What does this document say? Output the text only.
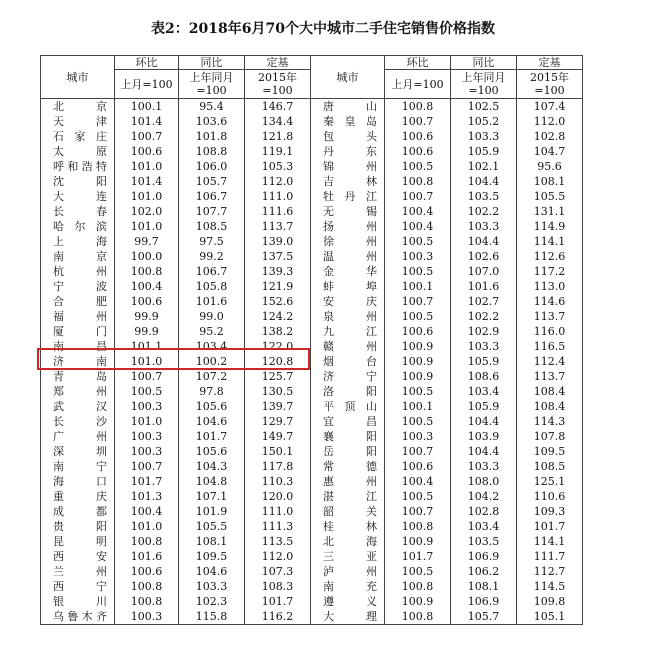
表2：2018年6月70个大中城市二手住宅销售价格指数
城市	环比	同比	定基	城市	环比	同比	定基
	上月=100	上年同月=100	2015年=100		上月=100	上年同月=100	2015年=100
北京	100.1	95.4	146.7	唐山	100.8	102.5	107.4
天津	101.4	103.6	134.4	秦皇岛	100.7	105.2	112.0
石家庄	100.7	101.8	121.8	包头	100.6	103.3	102.8
太原	100.6	108.8	119.1	丹东	100.6	105.9	104.7
呼和浩特	101.0	106.0	105.3	锦州	100.5	102.1	95.6
沈阳	101.4	105.7	112.0	吉林	100.8	104.4	108.1
大连	101.0	106.7	111.0	牡丹江	100.7	103.5	105.5
长春	102.0	107.7	111.6	无锡	100.4	102.2	131.1
哈尔滨	101.0	108.5	113.7	扬州	100.4	103.3	114.9
上海	99.7	97.5	139.0	徐州	100.5	104.4	114.1
南京	100.0	99.2	137.5	温州	100.3	102.6	112.6
杭州	100.8	106.7	139.3	金华	100.5	107.0	117.2
宁波	100.4	105.8	121.9	蚌埠	100.1	101.6	113.0
合肥	100.6	101.6	152.6	安庆	100.7	102.7	114.6
福州	99.9	99.0	124.2	泉州	100.5	102.2	113.7
厦门	99.9	95.2	138.2	九江	100.6	102.9	116.0
南昌	101.1	103.4	122.0	赣州	100.9	103.3	116.5
济南	101.0	100.2	120.8	烟台	100.9	105.9	112.4
青岛	100.7	107.2	125.7	济宁	100.9	108.6	113.7
郑州	100.5	97.8	130.5	洛阳	100.5	103.4	108.4
武汉	100.3	105.6	139.7	平顶山	100.1	105.9	108.4
长沙	101.0	104.6	129.7	宜昌	100.5	104.4	114.3
广州	100.3	101.7	149.7	襄阳	100.3	103.9	107.8
深圳	100.3	105.6	150.1	岳阳	100.7	104.4	109.5
南宁	100.7	104.3	117.8	常德	100.6	103.3	108.5
海口	101.7	104.8	110.3	惠州	100.4	108.0	125.1
重庆	101.3	107.1	120.0	湛江	100.5	104.2	110.6
成都	100.4	101.9	111.0	韶关	100.7	102.8	109.3
贵阳	101.0	105.5	111.3	桂林	100.8	103.4	101.7
昆明	100.8	108.1	113.5	北海	100.9	103.5	114.1
西安	101.6	109.5	112.0	三亚	101.7	106.9	111.7
兰州	100.6	104.6	107.3	泸州	100.5	106.2	112.7
西宁	100.8	103.3	108.3	南充	100.8	108.1	114.5
银川	100.8	102.3	101.7	遵义	100.9	106.9	109.8
乌鲁木齐	100.3	115.8	116.2	大理	100.8	105.7	105.1
